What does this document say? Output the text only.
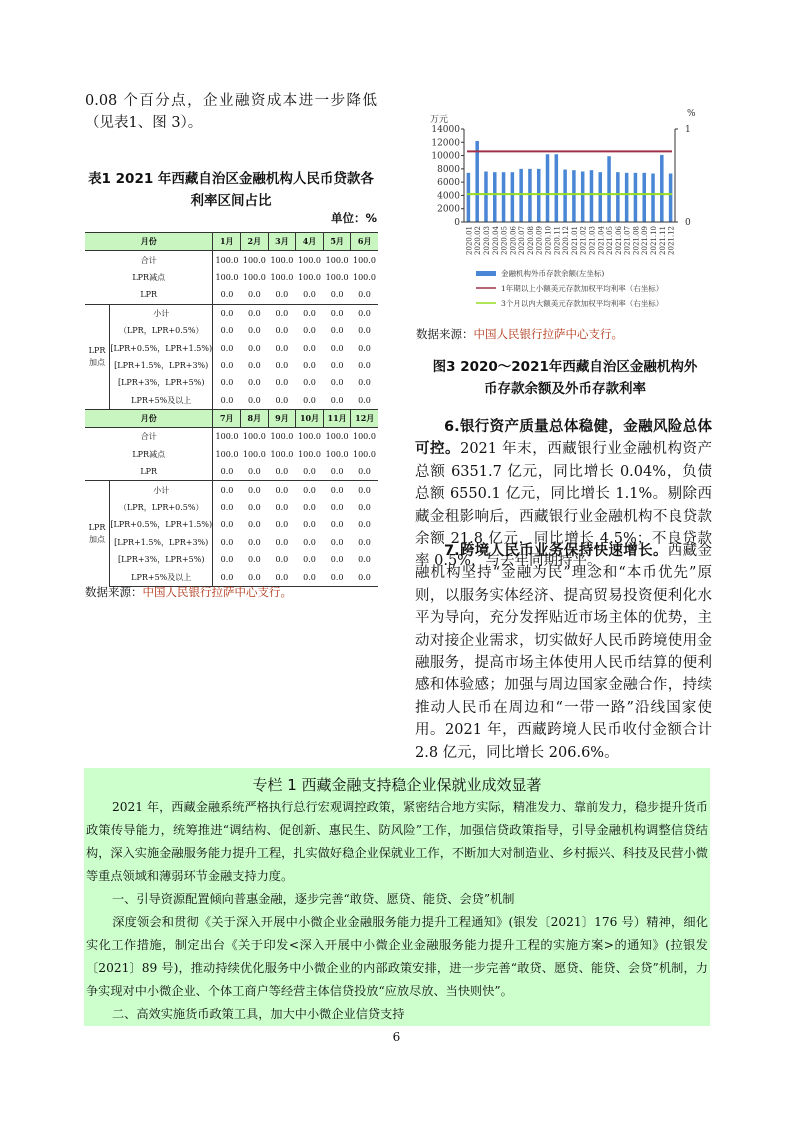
0.08 个百分点，企业融资成本进一步降低（见表1、图 3）。
表1 2021 年西藏自治区金融机构人民币贷款各利率区间占比
单位：%
月份		1月	2月	3月	4月	5月	6月
合计		100.0	100.0	100.0	100.0	100.0	100.0
LPR减点		100.0	100.0	100.0	100.0	100.0	100.0
LPR		0.0	0.0	0.0	0.0	0.0	0.0
LPR加点	小计	0.0	0.0	0.0	0.0	0.0	0.0
	（LPR，LPR+0.5%）	0.0	0.0	0.0	0.0	0.0	0.0
	[LPR+0.5%，LPR+1.5%)	0.0	0.0	0.0	0.0	0.0	0.0
	[LPR+1.5%，LPR+3%)	0.0	0.0	0.0	0.0	0.0	0.0
	[LPR+3%，LPR+5%)	0.0	0.0	0.0	0.0	0.0	0.0
	LPR+5%及以上	0.0	0.0	0.0	0.0	0.0	0.0
月份		7月	8月	9月	10月	11月	12月
合计		100.0	100.0	100.0	100.0	100.0	100.0
LPR减点		100.0	100.0	100.0	100.0	100.0	100.0
LPR		0.0	0.0	0.0	0.0	0.0	0.0
LPR加点	小计	0.0	0.0	0.0	0.0	0.0	0.0
	（LPR，LPR+0.5%）	0.0	0.0	0.0	0.0	0.0	0.0
	[LPR+0.5%，LPR+1.5%)	0.0	0.0	0.0	0.0	0.0	0.0
	[LPR+1.5%，LPR+3%)	0.0	0.0	0.0	0.0	0.0	0.0
	[LPR+3%，LPR+5%)	0.0	0.0	0.0	0.0	0.0	0.0
	LPR+5%及以上	0.0	0.0	0.0	0.0	0.0	0.0
数据来源：中国人民银行拉萨中心支行。
万元
%
0
2000
4000
6000
8000
10000
12000
14000
0
1
2020.01 2020.02 2020.03 2020.04 2020.05 2020.06 2020.07 2020.08 2020.09 2020.10 2020.11 2020.12 2021.01 2021.02 2021.03 2021.04 2021.05 2021.06 2021.07 2021.08 2021.09 2021.10 2021.11 2021.12
金融机构外币存款余额(左坐标)
1年期以上小额美元存款加权平均利率（右坐标）
3个月以内大额美元存款加权平均利率（右坐标）
数据来源：中国人民银行拉萨中心支行。
图3 2020～2021年西藏自治区金融机构外币存款余额及外币存款利率
6.银行资产质量总体稳健，金融风险总体可控。2021 年末，西藏银行业金融机构资产总额 6351.7 亿元，同比增长 0.04%，负债总额 6550.1 亿元，同比增长 1.1%。剔除西藏金租影响后，西藏银行业金融机构不良贷款余额 21.8 亿元，同比增长 4.5%；不良贷款率 0.5%，与去年同期持平。
7.跨境人民币业务保持快速增长。西藏金融机构坚持“金融为民”理念和“本币优先”原则，以服务实体经济、提高贸易投资便利化水平为导向，充分发挥贴近市场主体的优势，主动对接企业需求，切实做好人民币跨境使用金融服务，提高市场主体使用人民币结算的便利感和体验感；加强与周边国家金融合作，持续推动人民币在周边和“一带一路”沿线国家使用。2021 年，西藏跨境人民币收付金额合计 2.8 亿元，同比增长 206.6%。
专栏 1 西藏金融支持稳企业保就业成效显著

2021 年，西藏金融系统严格执行总行宏观调控政策，紧密结合地方实际，精准发力、靠前发力，稳步提升货币政策传导能力，统筹推进“调结构、促创新、惠民生、防风险”工作，加强信贷政策指导，引导金融机构调整信贷结构，深入实施金融服务能力提升工程，扎实做好稳企业保就业工作，不断加大对制造业、乡村振兴、科技及民营小微等重点领域和薄弱环节金融支持力度。

一、引导资源配置倾向普惠金融，逐步完善“敢贷、愿贷、能贷、会贷”机制

深度领会和贯彻《关于深入开展中小微企业金融服务能力提升工程通知》(银发〔2021〕176 号）精神，细化实化工作措施，制定出台《关于印发<深入开展中小微企业金融服务能力提升工程的实施方案>的通知》(拉银发〔2021〕89 号)，推动持续优化服务中小微企业的内部政策安排，进一步完善“敢贷、愿贷、能贷、会贷”机制，力争实现对中小微企业、个体工商户等经营主体信贷投放“应放尽放、当快则快”。

二、高效实施货币政策工具，加大中小微企业信贷支持

6
